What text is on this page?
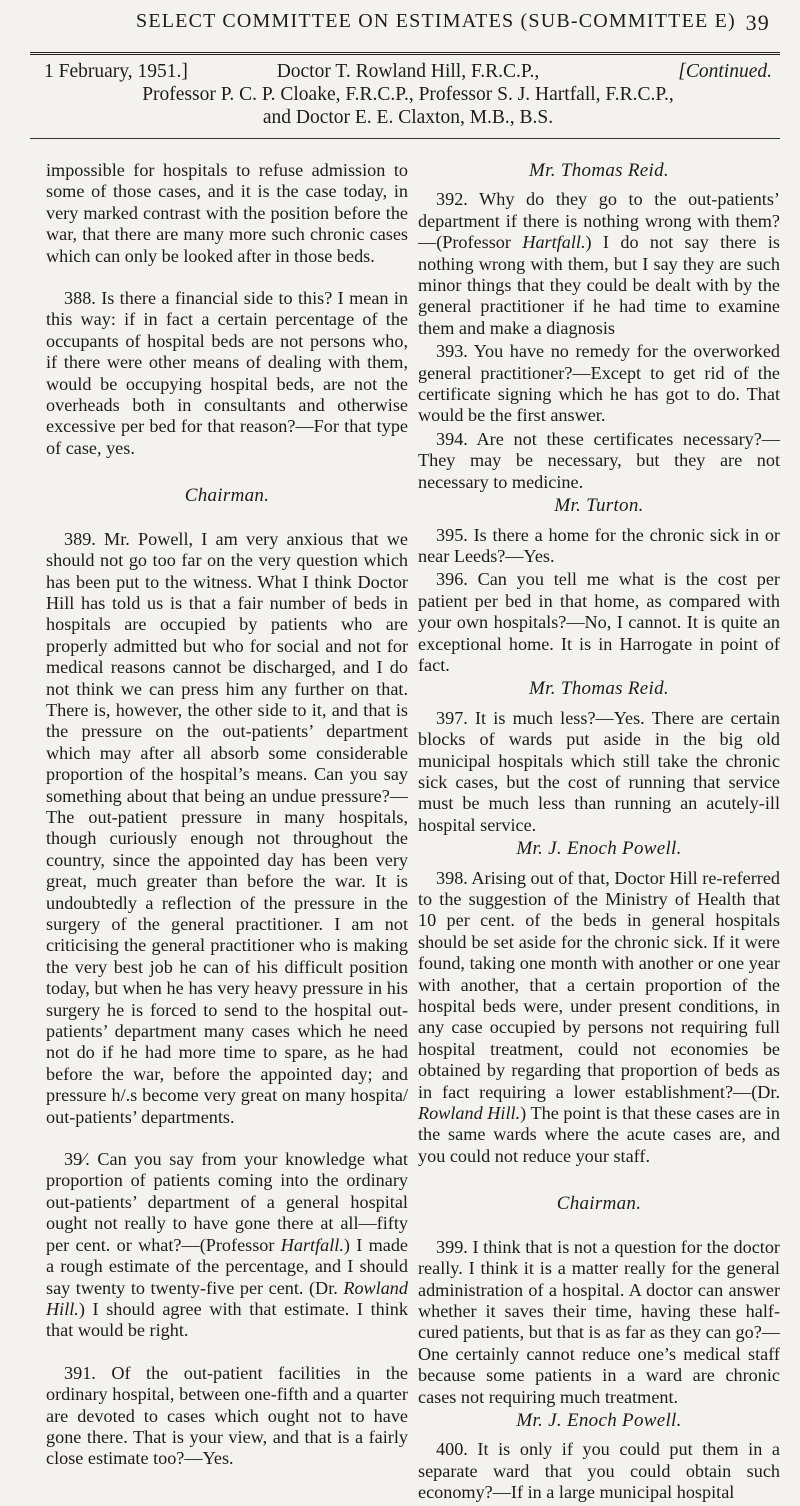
SELECT COMMITTEE ON ESTIMATES (SUB-COMMITTEE E) 39
1 February, 1951.]	[Continued.
Doctor T. Rowland Hill, F.R.C.P.,
Professor P. C. P. Cloake, F.R.C.P., Professor S. J. Hartfall, F.R.C.P.,
and Doctor E. E. Claxton, M.B., B.S.

impossible for hospitals to refuse admission to some of those cases, and it is the case today, in very marked contrast with the position before the war, that there are many more such chronic cases which can only be looked after in those beds.

388. Is there a financial side to this? I mean in this way: if in fact a certain percentage of the occupants of hospital beds are not persons who, if there were other means of dealing with them, would be occupying hospital beds, are not the overheads both in consultants and otherwise excessive per bed for that reason?—For that type of case, yes.

Chairman.

389. Mr. Powell, I am very anxious that we should not go too far on the very question which has been put to the witness. What I think Doctor Hill has told us is that a fair number of beds in hospitals are occupied by patients who are properly admitted but who for social and not for medical reasons cannot be discharged, and I do not think we can press him any further on that. There is, however, the other side to it, and that is the pressure on the out-patients’ department which may after all absorb some considerable proportion of the hospital’s means. Can you say something about that being an undue pressure?—The out-patient pressure in many hospitals, though curiously enough not throughout the country, since the appointed day has been very great, much greater than before the war. It is undoubtedly a reflection of the pressure in the surgery of the general practitioner. I am not criticising the general practitioner who is making the very best job he can of his difficult position today, but when he has very heavy pressure in his surgery he is forced to send to the hospital out-patients’ department many cases which he need not do if he had more time to spare, as he had before the war, before the appointed day; and pressure h/.s become very great on many hospita/ out-patients’ departments.

39⁄. Can you say from your knowledge what proportion of patients coming into the ordinary out-patients’ department of a general hospital ought not really to have gone there at all—fifty per cent. or what?—(Professor Hartfall.) I made a rough estimate of the percentage, and I should say twenty to twenty-five per cent. (Dr. Rowland Hill.) I should agree with that estimate. I think that would be right.

391. Of the out-patient facilities in the ordinary hospital, between one-fifth and a quarter are devoted to cases which ought not to have gone there. That is your view, and that is a fairly close estimate too?—Yes.

Mr. Thomas Reid.

392. Why do they go to the out-patients’ department if there is nothing wrong with them?—(Professor Hartfall.) I do not say there is nothing wrong with them, but I say they are such minor things that they could be dealt with by the general practitioner if he had time to examine them and make a diagnosis

393. You have no remedy for the overworked general practitioner?—Except to get rid of the certificate signing which he has got to do. That would be the first answer.

394. Are not these certificates necessary?—They may be necessary, but they are not necessary to medicine.

Mr. Turton.

395. Is there a home for the chronic sick in or near Leeds?—Yes.

396. Can you tell me what is the cost per patient per bed in that home, as compared with your own hospitals?—No, I cannot. It is quite an exceptional home. It is in Harrogate in point of fact.

Mr. Thomas Reid.

397. It is much less?—Yes. There are certain blocks of wards put aside in the big old municipal hospitals which still take the chronic sick cases, but the cost of running that service must be much less than running an acutely-ill hospital service.

Mr. J. Enoch Powell.

398. Arising out of that, Doctor Hill re-referred to the suggestion of the Ministry of Health that 10 per cent. of the beds in general hospitals should be set aside for the chronic sick. If it were found, taking one month with another or one year with another, that a certain proportion of the hospital beds were, under present conditions, in any case occupied by persons not requiring full hospital treatment, could not economies be obtained by regarding that proportion of beds as in fact requiring a lower establishment?—(Dr. Rowland Hill.) The point is that these cases are in the same wards where the acute cases are, and you could not reduce your staff.

Chairman.

399. I think that is not a question for the doctor really. I think it is a matter really for the general administration of a hospital. A doctor can answer whether it saves their time, having these half-cured patients, but that is as far as they can go?—One certainly cannot reduce one’s medical staff because some patients in a ward are chronic cases not requiring much treatment.

Mr. J. Enoch Powell.

400. It is only if you could put them in a separate ward that you could obtain such economy?—If in a large municipal hospital
